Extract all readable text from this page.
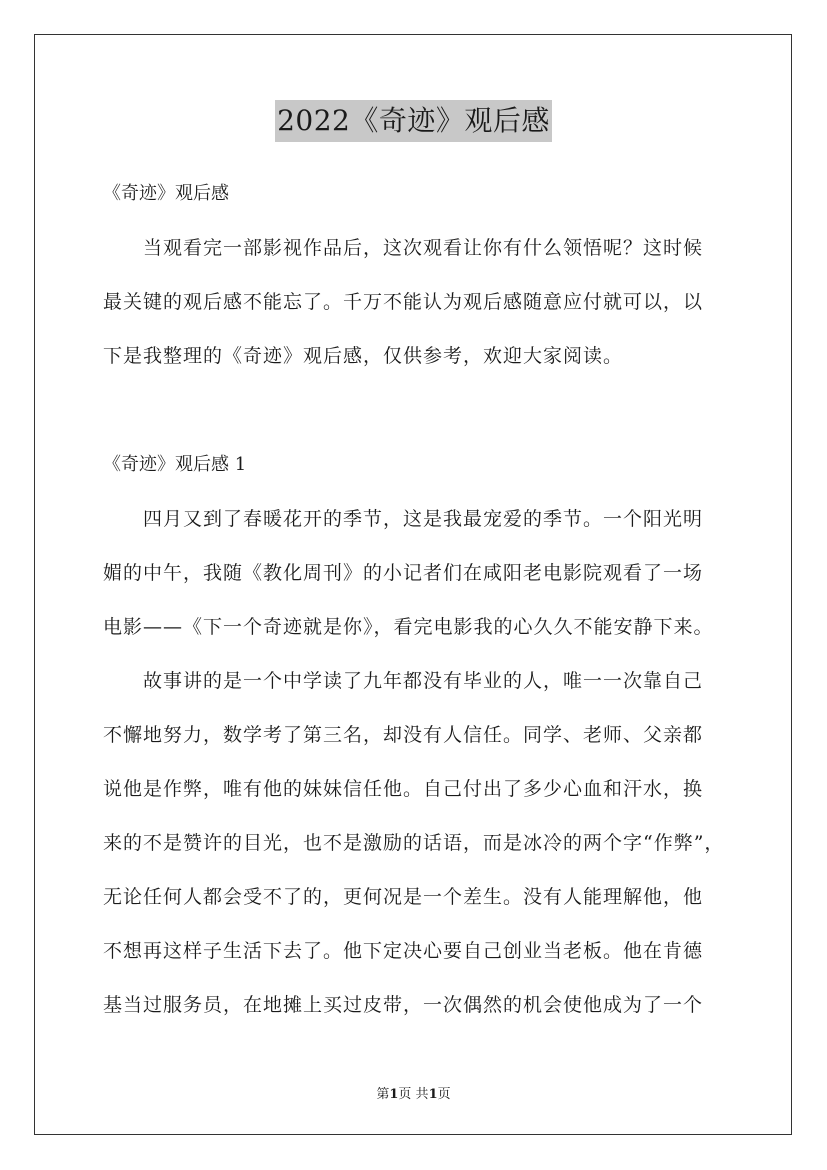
2022《奇迹》观后感
《奇迹》观后感
当观看完一部影视作品后，这次观看让你有什么领悟呢？这时候
最关键的观后感不能忘了。千万不能认为观后感随意应付就可以，以
下是我整理的《奇迹》观后感，仅供参考，欢迎大家阅读。
《奇迹》观后感 1
四月又到了春暖花开的季节，这是我最宠爱的季节。一个阳光明
媚的中午，我随《教化周刊》的小记者们在咸阳老电影院观看了一场
电影——《下一个奇迹就是你》，看完电影我的心久久不能安静下来。
故事讲的是一个中学读了九年都没有毕业的人，唯一一次靠自己
不懈地努力，数学考了第三名，却没有人信任。同学、老师、父亲都
说他是作弊，唯有他的妹妹信任他。自己付出了多少心血和汗水，换
来的不是赞许的目光，也不是激励的话语，而是冰冷的两个字“作弊”，
无论任何人都会受不了的，更何况是一个差生。没有人能理解他，他
不想再这样子生活下去了。他下定决心要自己创业当老板。他在肯德
基当过服务员，在地摊上买过皮带，一次偶然的机会使他成为了一个
第1页 共1页
